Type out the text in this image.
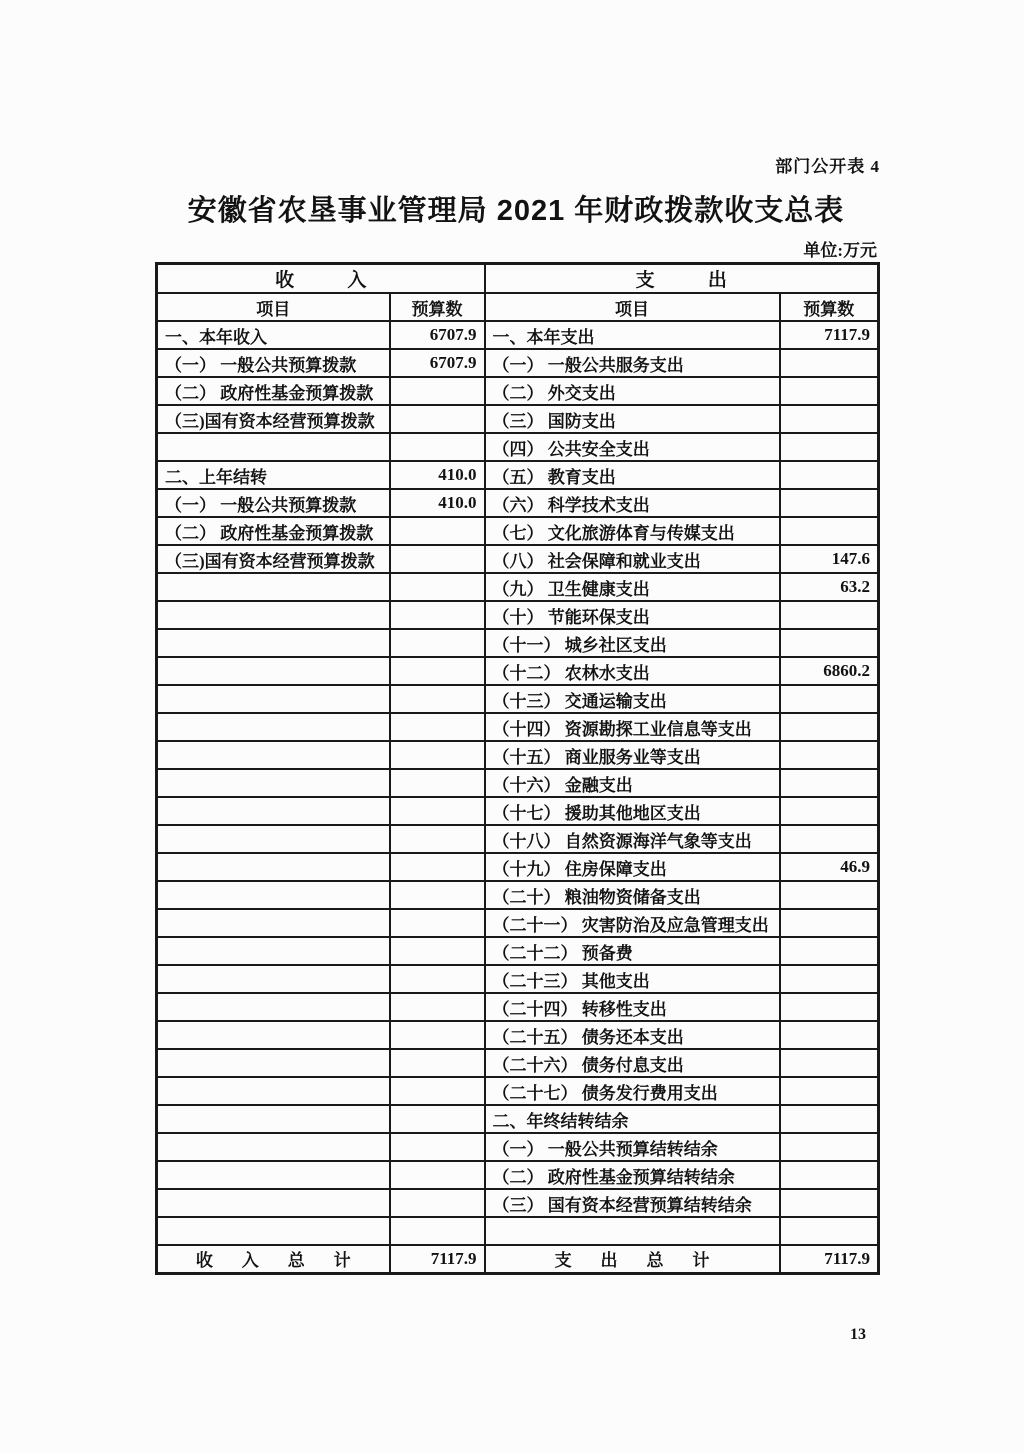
部门公开表 4
安徽省农垦事业管理局 2021 年财政拨款收支总表
单位:万元
收入		支出	
项目	预算数	项目	预算数
一、本年收入	6707.9	一、本年支出	7117.9
（一） 一般公共预算拨款	6707.9	（一） 一般公共服务支出	
（二） 政府性基金预算拨款		（二） 外交支出	
（三)国有资本经营预算拨款		（三） 国防支出	
		（四） 公共安全支出	
二、上年结转	410.0	（五） 教育支出	
（一） 一般公共预算拨款	410.0	（六） 科学技术支出	
（二） 政府性基金预算拨款		（七） 文化旅游体育与传媒支出	
（三)国有资本经营预算拨款		（八） 社会保障和就业支出	147.6
		（九） 卫生健康支出	63.2
		（十） 节能环保支出	
		（十一） 城乡社区支出	
		（十二） 农林水支出	6860.2
		（十三） 交通运输支出	
		（十四） 资源勘探工业信息等支出	
		（十五） 商业服务业等支出	
		（十六） 金融支出	
		（十七） 援助其他地区支出	
		（十八） 自然资源海洋气象等支出	
		（十九） 住房保障支出	46.9
		（二十） 粮油物资储备支出	
		（二十一） 灾害防治及应急管理支出	
		（二十二） 预备费	
		（二十三） 其他支出	
		（二十四） 转移性支出	
		（二十五） 债务还本支出	
		（二十六） 债务付息支出	
		（二十七） 债务发行费用支出	
		二、年终结转结余	
		（一） 一般公共预算结转结余	
		（二） 政府性基金预算结转结余	
		（三） 国有资本经营预算结转结余	

收入总计	7117.9	支出总计	7117.9
13
